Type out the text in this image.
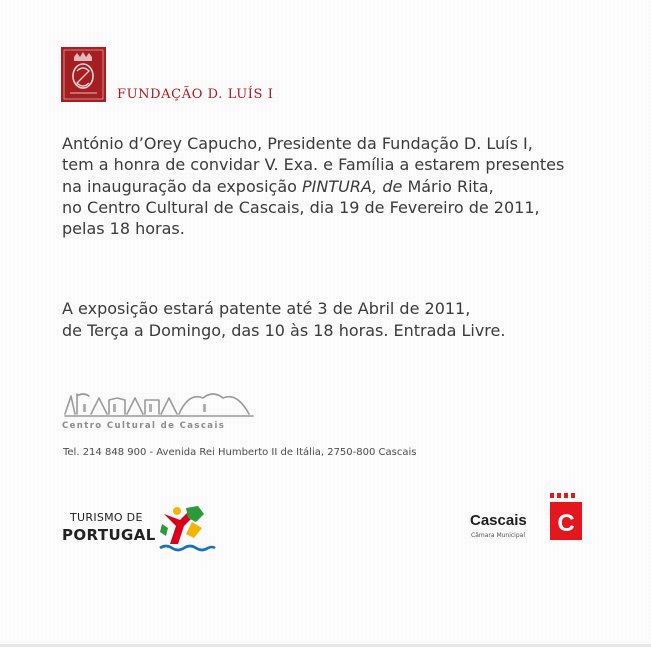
FUNDAÇÃO D. LUÍS I
António d’Orey Capucho, Presidente da Fundação D. Luís I,
tem a honra de convidar V. Exa. e Família a estarem presentes
na inauguração da exposição PINTURA, de Mário Rita,
no Centro Cultural de Cascais, dia 19 de Fevereiro de 2011,
pelas 18 horas.
A exposição estará patente até 3 de Abril de 2011,
de Terça a Domingo, das 10 às 18 horas. Entrada Livre.
Centro Cultural de Cascais
Tel. 214 848 900 - Avenida Rei Humberto II de Itália, 2750-800 Cascais
TURISMO DE
PORTUGAL
Cascais
Câmara Municipal C
